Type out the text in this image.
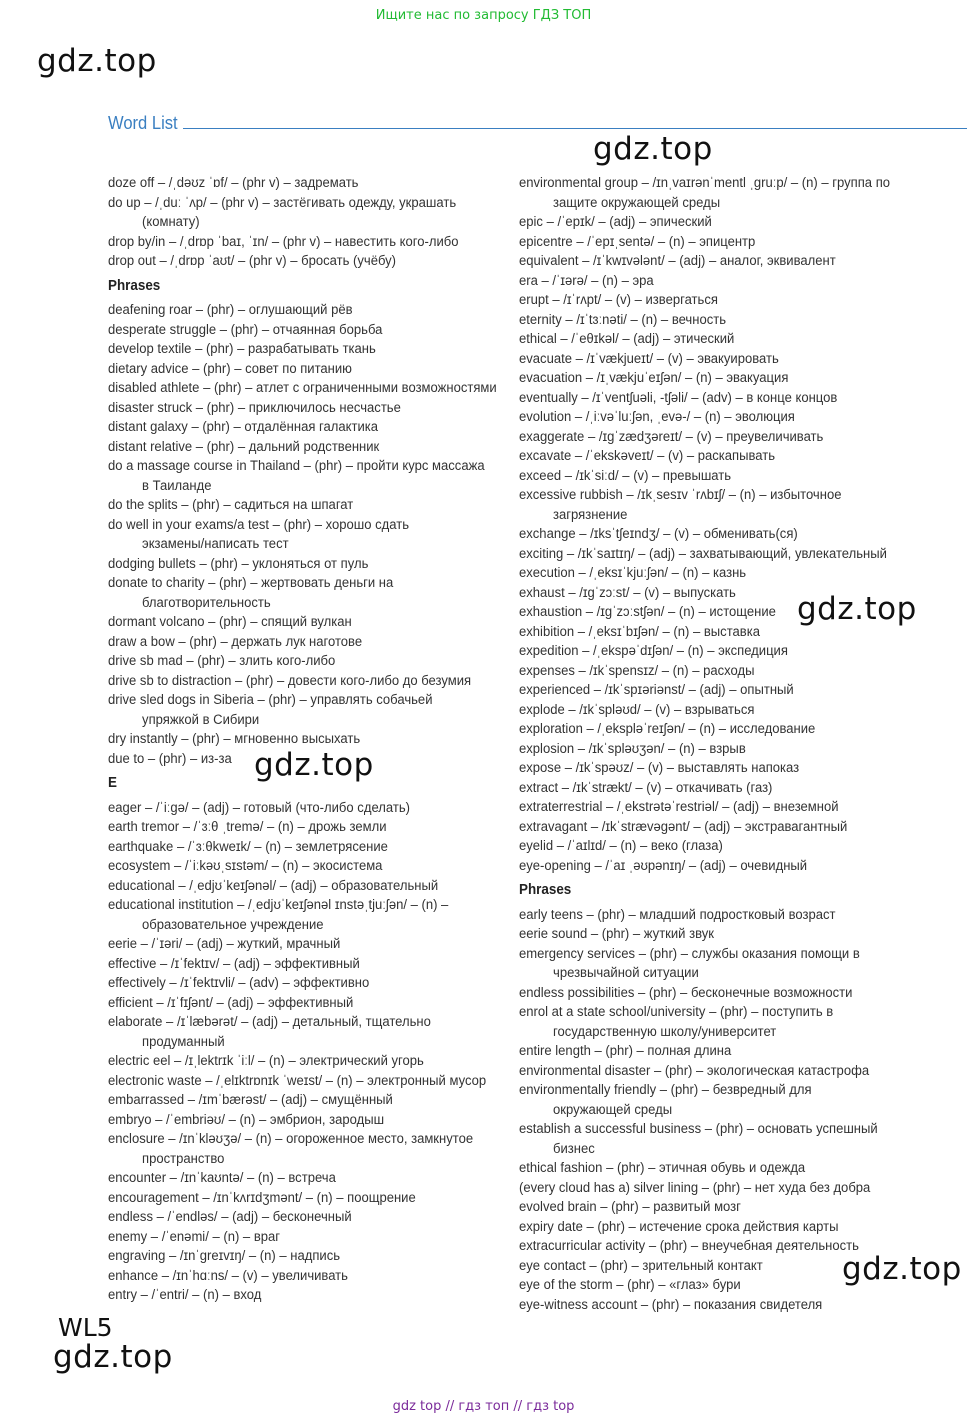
Ищите нас по запросу ГДЗ ТОП
gdz.top
gdz.top
gdz.top
gdz.top
gdz.top
gdz.top
Word List
doze off – /ˌdəʊz ˈɒf/ – (phr v) – задремать
do up – /ˌduː ˈʌp/ – (phr v) – застёгивать одежду, украшать
(комнату)
drop by/in – /ˌdrɒp ˈbaɪ, ˈɪn/ – (phr v) – навестить кого-либо
drop out – /ˌdrɒp ˈaʊt/ – (phr v) – бросать (учёбу)
Phrases
deafening roar – (phr) – оглушающий рёв
desperate struggle – (phr) – отчаянная борьба
develop textile – (phr) – разрабатывать ткань
dietary advice – (phr) – совет по питанию
disabled athlete – (phr) – атлет с ограниченными возможностями
disaster struck – (phr) – приключилось несчастье
distant galaxy – (phr) – отдалённая галактика
distant relative – (phr) – дальний родственник
do a massage course in Thailand – (phr) – пройти курс массажа
в Таиланде
do the splits – (phr) – садиться на шпагат
do well in your exams/a test – (phr) – хорошо сдать
экзамены/написать тест
dodging bullets – (phr) – уклоняться от пуль
donate to charity – (phr) – жертвовать деньги на
благотворительность
dormant volcano – (phr) – спящий вулкан
draw a bow – (phr) – держать лук наготове
drive sb mad – (phr) – злить кого-либо
drive sb to distraction – (phr) – довести кого-либо до безумия
drive sled dogs in Siberia – (phr) – управлять собачьей
упряжкой в Сибири
dry instantly – (phr) – мгновенно высыхать
due to – (phr) – из-за
E
eager – /ˈiːɡə/ – (adj) – готовый (что-либо сделать)
earth tremor – /ˈɜːθ ˌtremə/ – (n) – дрожь земли
earthquake – /ˈɜːθkweɪk/ – (n) – землетрясение
ecosystem – /ˈiːkəʊˌsɪstəm/ – (n) – экосистема
educational – /ˌedjʊˈkeɪʃənəl/ – (adj) – образовательный
educational institution – /ˌedjʊˈkeɪʃənəl ɪnstəˌtjuːʃən/ – (n) –
образовательное учреждение
eerie – /ˈɪəri/ – (adj) – жуткий, мрачный
effective – /ɪˈfektɪv/ – (adj) – эффективный
effectively – /ɪˈfektɪvli/ – (adv) – эффективно
efficient – /ɪˈfɪʃənt/ – (adj) – эффективный
elaborate – /ɪˈlæbərət/ – (adj) – детальный, тщательно
продуманный
electric eel – /ɪˌlektrɪk ˈiːl/ – (n) – электрический угорь
electronic waste – /ˌelɪktrɒnɪk ˈweɪst/ – (n) – электронный мусор
embarrassed – /ɪmˈbærəst/ – (adj) – смущённый
embryo – /ˈembriəʊ/ – (n) – эмбрион, зародыш
enclosure – /ɪnˈkləʊʒə/ – (n) – огороженное место, замкнутое
пространство
encounter – /ɪnˈkaʊntə/ – (n) – встреча
encouragement – /ɪnˈkʌrɪdʒmənt/ – (n) – поощрение
endless – /ˈendləs/ – (adj) – бесконечный
enemy – /ˈenəmi/ – (n) – враг
engraving – /ɪnˈɡreɪvɪŋ/ – (n) – надпись
enhance – /ɪnˈhɑːns/ – (v) – увеличивать
entry – /ˈentri/ – (n) – вход
environmental group – /ɪnˌvaɪrənˈmentl ˌɡruːp/ – (n) – группа по
защите окружающей среды
epic – /ˈepɪk/ – (adj) – эпический
epicentre – /ˈepɪˌsentə/ – (n) – эпицентр
equivalent – /ɪˈkwɪvələnt/ – (adj) – аналог, эквивалент
era – /ˈɪərə/ – (n) – эра
erupt – /ɪˈrʌpt/ – (v) – извергаться
eternity – /ɪˈtɜːnəti/ – (n) – вечность
ethical – /ˈeθɪkəl/ – (adj) – этический
evacuate – /ɪˈvækjueɪt/ – (v) – эвакуировать
evacuation – /ɪˌvækjuˈeɪʃən/ – (n) – эвакуация
eventually – /ɪˈventʃuəli, -tʃəli/ – (adv) – в конце концов
evolution – /ˌiːvəˈluːʃən, ˌevə-/ – (n) – эволюция
exaggerate – /ɪɡˈzædʒəreɪt/ – (v) – преувеличивать
excavate – /ˈekskəveɪt/ – (v) – раскапывать
exceed – /ɪkˈsiːd/ – (v) – превышать
excessive rubbish – /ɪkˌsesɪv ˈrʌbɪʃ/ – (n) – избыточное
загрязнение
exchange – /ɪksˈtʃeɪndʒ/ – (v) – обменивать(ся)
exciting – /ɪkˈsaɪtɪŋ/ – (adj) – захватывающий, увлекательный
execution – /ˌeksɪˈkjuːʃən/ – (n) – казнь
exhaust – /ɪɡˈzɔːst/ – (v) – выпускать
exhaustion – /ɪɡˈzɔːstʃən/ – (n) – истощение
exhibition – /ˌeksɪˈbɪʃən/ – (n) – выставка
expedition – /ˌekspəˈdɪʃən/ – (n) – экспедиция
expenses – /ɪkˈspensɪz/ – (n) – расходы
experienced – /ɪkˈspɪəriənst/ – (adj) – опытный
explode – /ɪkˈspləʊd/ – (v) – взрываться
exploration – /ˌekspləˈreɪʃən/ – (n) – исследование
explosion – /ɪkˈspləʊʒən/ – (n) – взрыв
expose – /ɪkˈspəʊz/ – (v) – выставлять напоказ
extract – /ɪkˈstrækt/ – (v) – откачивать (газ)
extraterrestrial – /ˌekstrətəˈrestriəl/ – (adj) – внеземной
extravagant – /ɪkˈstrævəɡənt/ – (adj) – экстравагантный
eyelid – /ˈaɪlɪd/ – (n) – веко (глаза)
eye-opening – /ˈaɪ ˌəʊpənɪŋ/ – (adj) – очевидный
Phrases
early teens – (phr) – младший подростковый возраст
eerie sound – (phr) – жуткий звук
emergency services – (phr) – службы оказания помощи в
чрезвычайной ситуации
endless possibilities – (phr) – бесконечные возможности
enrol at a state school/university – (phr) – поступить в
государственную школу/университет
entire length – (phr) – полная длина
environmental disaster – (phr) – экологическая катастрофа
environmentally friendly – (phr) – безвредный для
окружающей среды
establish a successful business – (phr) – основать успешный
бизнес
ethical fashion – (phr) – этичная обувь и одежда
(every cloud has a) silver lining – (phr) – нет худа без добра
evolved brain – (phr) – развитый мозг
expiry date – (phr) – истечение срока действия карты
extracurricular activity – (phr) – внеучебная деятельность
eye contact – (phr) – зрительный контакт
eye of the storm – (phr) – «глаз» бури
eye-witness account – (phr) – показания свидетеля
WL5
gdz top // гдз топ // гдз top
